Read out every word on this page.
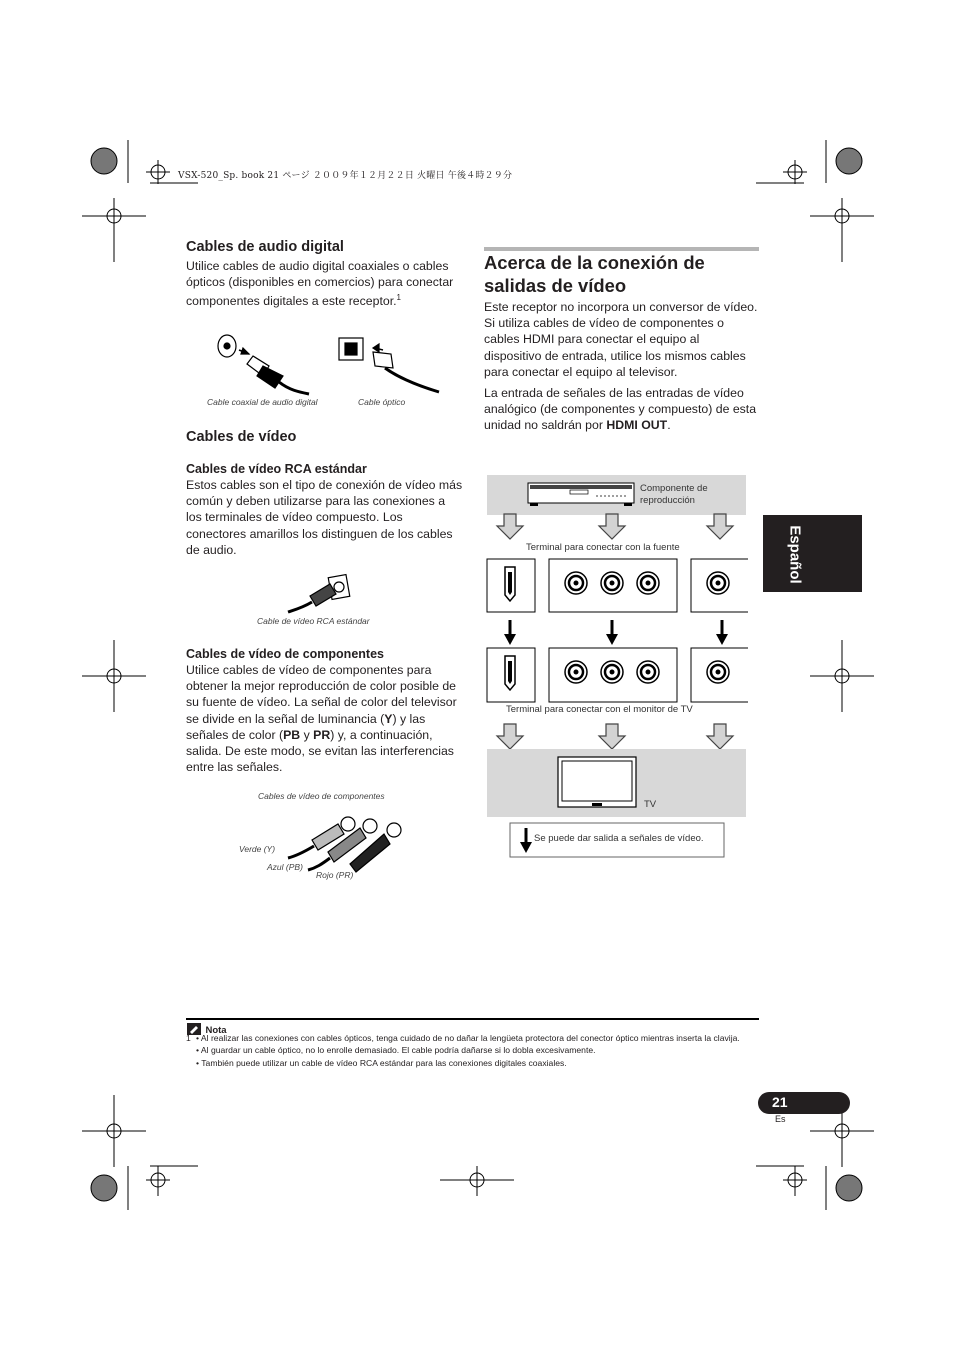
VSX-520_Sp. book 21 ページ ２００９年１２月２２日 火曜日 午後４時２９分
Cables de audio digital

Utilice cables de audio digital coaxiales o cables ópticos (disponibles en comercios) para conectar componentes digitales a este receptor.$^1$

Cable coaxial de audio digital	Cable óptico
Cables de vídeo
Cables de vídeo RCA estándar

Estos cables son el tipo de conexión de vídeo más común y deben utilizarse para las conexiones a los terminales de vídeo compuesto. Los conectores amarillos los distinguen de los cables de audio.

Cable de vídeo RCA estándar
Cables de vídeo de componentes

Utilice cables de vídeo de componentes para obtener la mejor reproducción de color posible de su fuente de vídeo. La señal de color del televisor se divide en la señal de luminancia (Y) y las señales de color (PB y PR) y, a continuación, salida. De este modo, se evitan las interferencias entre las señales.

Cables de vídeo de componentes
Verde (Y)
Azul (PB)
Rojo (PR)
Acerca de la conexión de salidas de vídeo

Este receptor no incorpora un conversor de vídeo. Si utiliza cables de vídeo de componentes o cables HDMI para conectar el equipo al dispositivo de entrada, utilice los mismos cables para conectar el equipo al televisor.

La entrada de señales de las entradas de vídeo analógico (de componentes y compuesto) de esta unidad no saldrán por HDMI OUT.

Componente de reproducción
Terminal para conectar con la fuente
Terminal para conectar con el monitor de TV
TV
Se puede dar salida a señales de vídeo.
Español
Nota
1 • Al realizar las conexiones con cables ópticos, tenga cuidado de no dañar la lengüeta protectora del conector óptico mientras inserta la clavija.
• Al guardar un cable óptico, no lo enrolle demasiado. El cable podría dañarse si lo dobla excesivamente.
• También puede utilizar un cable de vídeo RCA estándar para las conexiones digitales coaxiales.
21
Es
